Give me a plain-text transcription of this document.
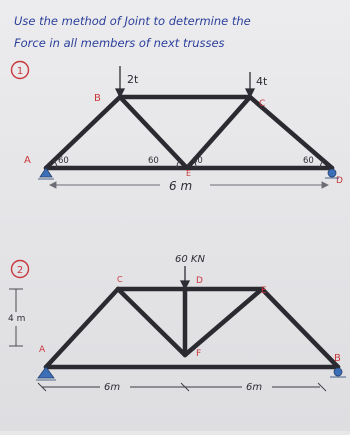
Use the method of Joint to determine the
Force in all members of next trusses
1
2t	4t
B	C
A
D
E
60	60	60	60
6 m
2
4 m
60 KN
C	D
E
F
A
B
6m	6m
